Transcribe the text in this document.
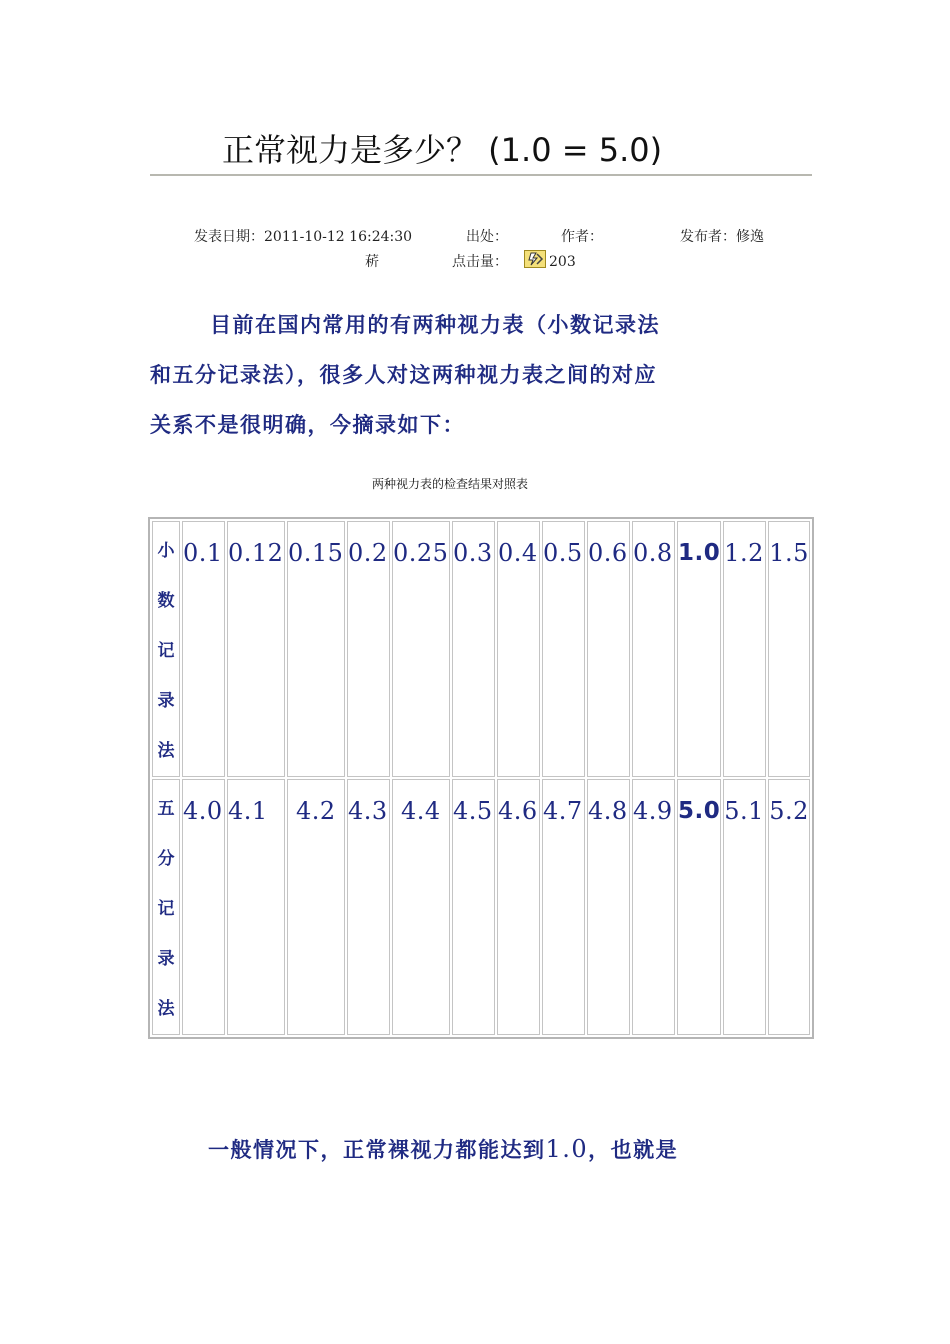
正常视力是多少？ (1.0 = 5.0)
发表日期：2011-10-12 16:24:30	出处：	作者：	发布者：修逸
菥	点击量：	203
目前在国内常用的有两种视力表（小数记录法
和五分记录法），很多人对这两种视力表之间的对应
关系不是很明确，今摘录如下：
两种视力表的检查结果对照表
小
数
记
录
法	0.1	0.12	0.15	0.2	0.25	0.3	0.4	0.5	0.6	0.8	1.0	1.2	1.5

五
分
记
录
法	4.0	4.1	4.2	4.3	4.4	4.5	4.6	4.7	4.8	4.9	5.0	5.1	5.2
一般情况下，正常裸视力都能达到1.0，也就是
